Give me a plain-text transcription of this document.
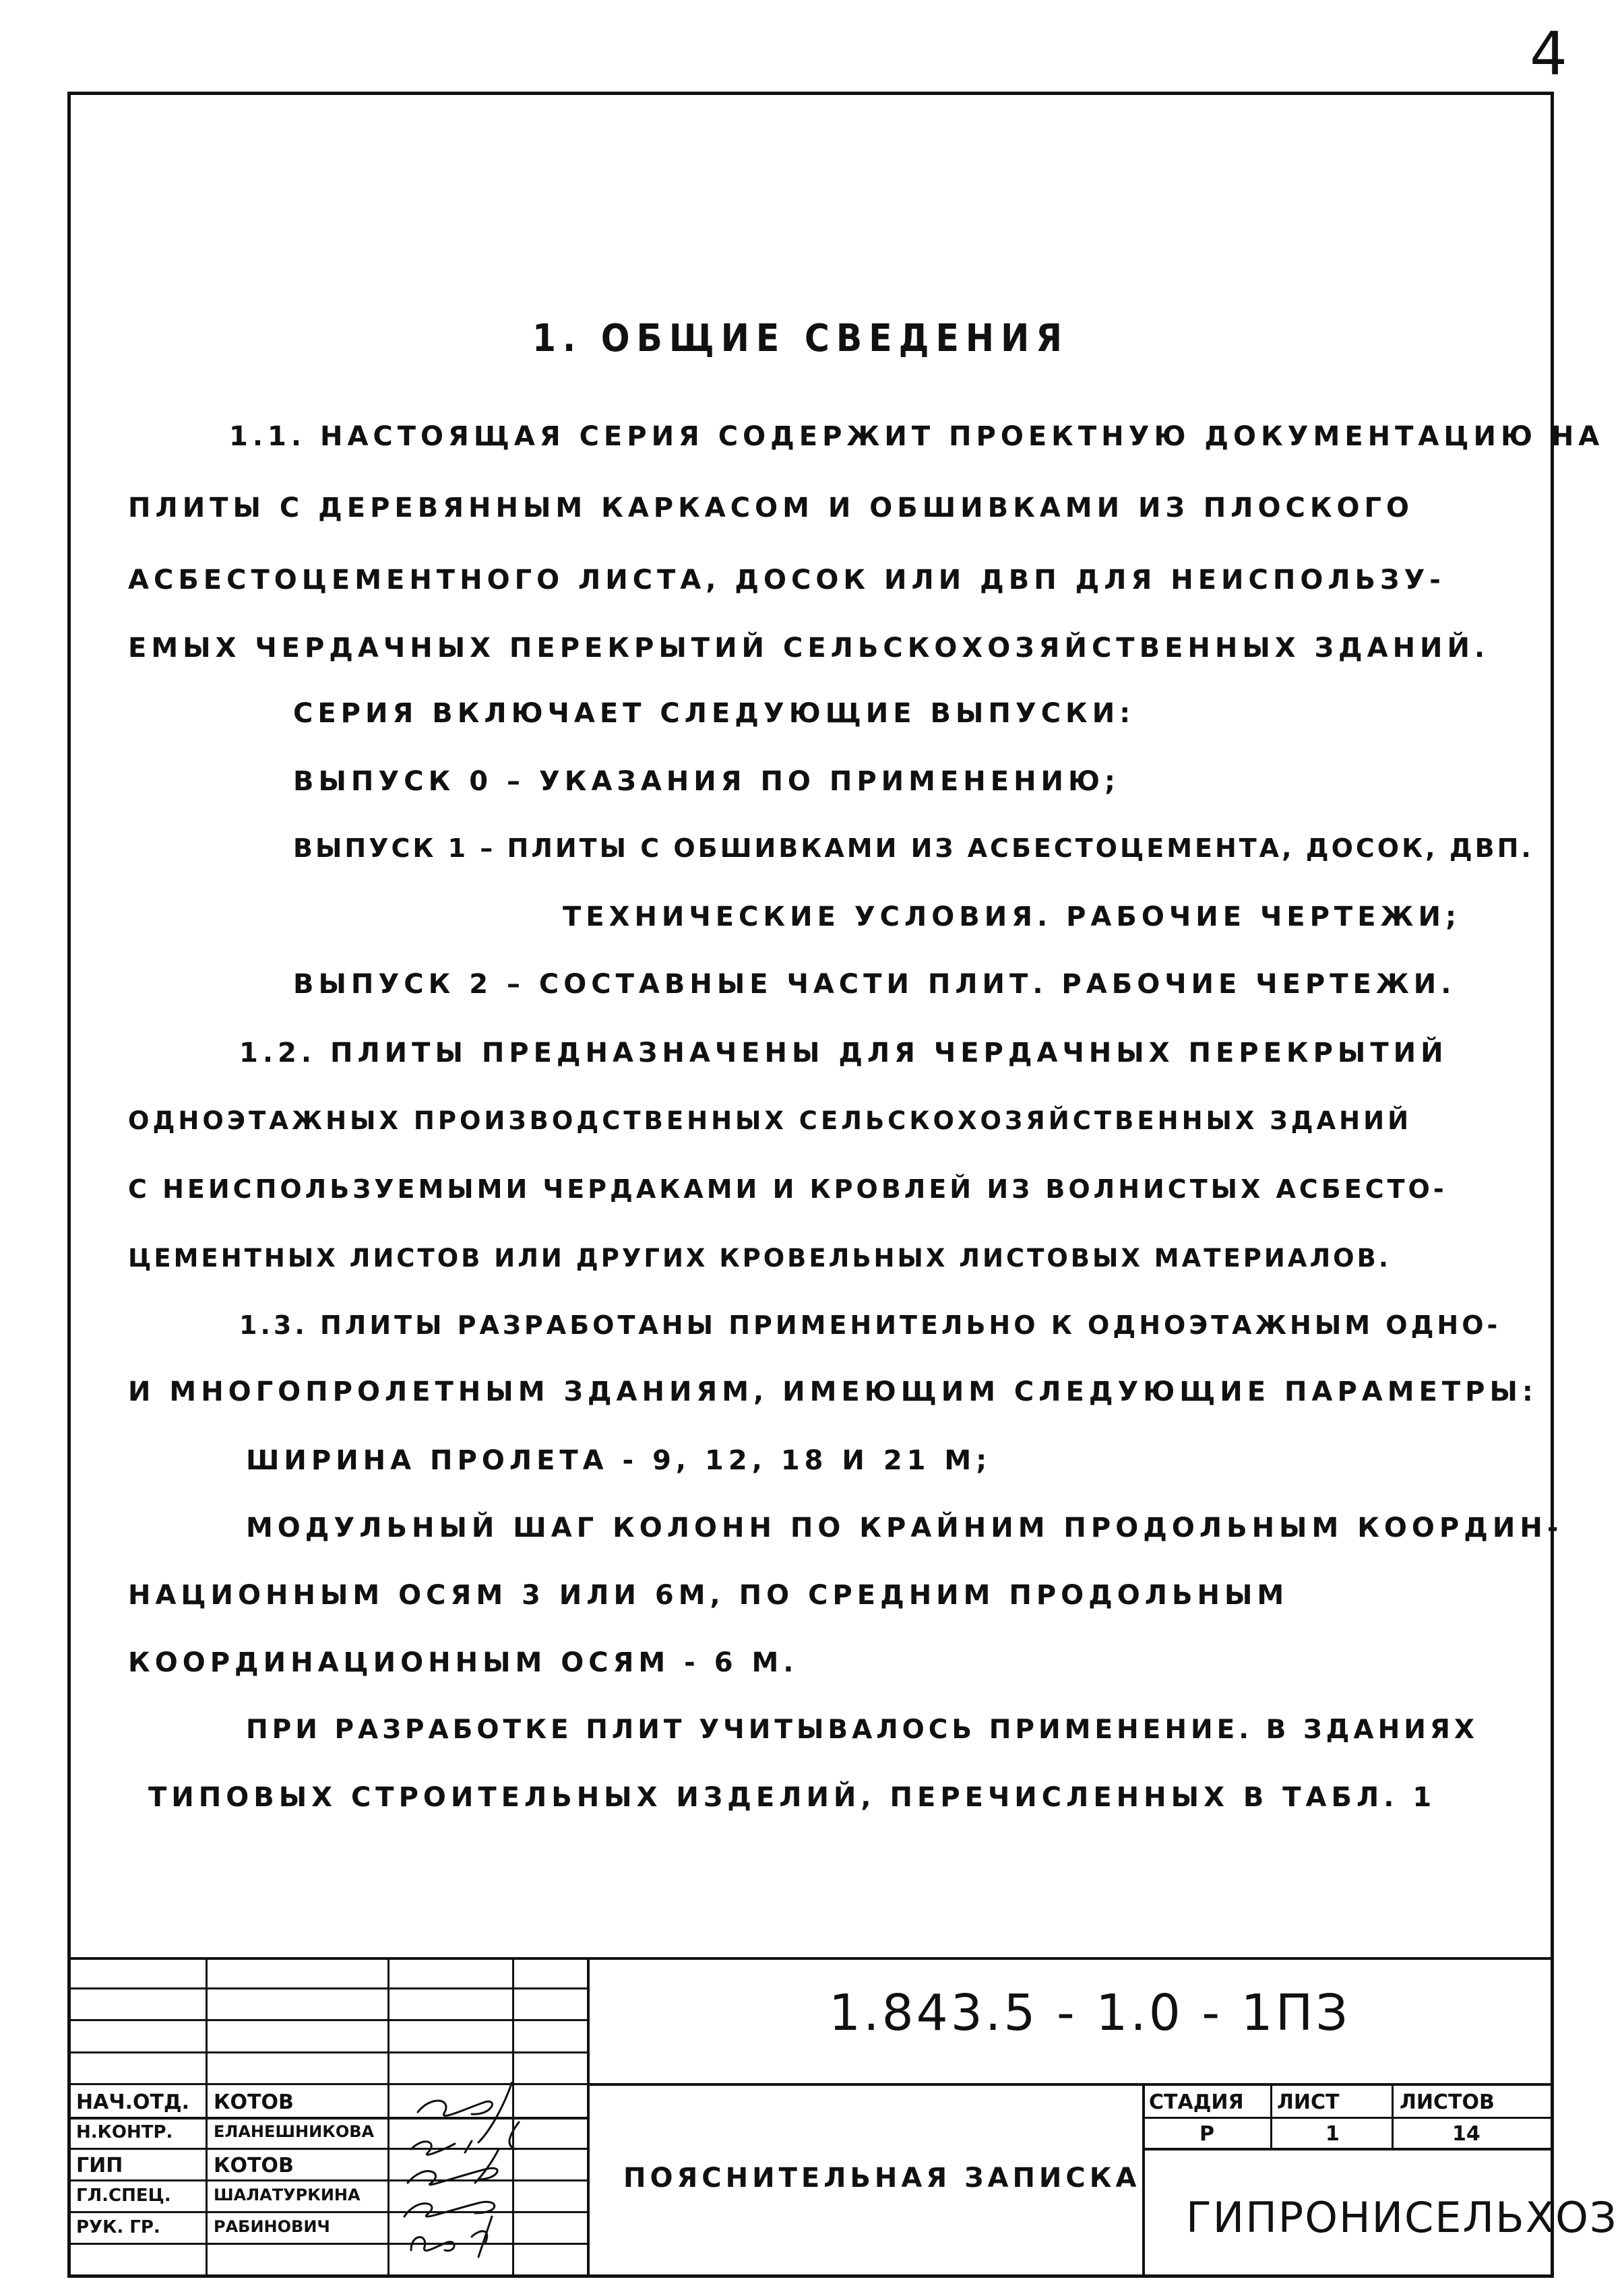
4
1. ОБЩИЕ СВЕДЕНИЯ
1.1. НАСТОЯЩАЯ СЕРИЯ СОДЕРЖИТ ПРОЕКТНУЮ ДОКУМЕНТАЦИЮ НА
ПЛИТЫ С ДЕРЕВЯННЫМ КАРКАСОМ И ОБШИВКАМИ ИЗ ПЛОСКОГО
АСБЕСТОЦЕМЕНТНОГО ЛИСТА, ДОСОК ИЛИ ДВП ДЛЯ НЕИСПОЛЬЗУ-
ЕМЫХ ЧЕРДАЧНЫХ ПЕРЕКРЫТИЙ СЕЛЬСКОХОЗЯЙСТВЕННЫХ ЗДАНИЙ.
СЕРИЯ ВКЛЮЧАЕТ СЛЕДУЮЩИЕ ВЫПУСКИ:
ВЫПУСК 0 – УКАЗАНИЯ ПО ПРИМЕНЕНИЮ;
ВЫПУСК 1 – ПЛИТЫ С ОБШИВКАМИ ИЗ АСБЕСТОЦЕМЕНТА, ДОСОК, ДВП.
ТЕХНИЧЕСКИЕ УСЛОВИЯ. РАБОЧИЕ ЧЕРТЕЖИ;
ВЫПУСК 2 – СОСТАВНЫЕ ЧАСТИ ПЛИТ. РАБОЧИЕ ЧЕРТЕЖИ.
1.2. ПЛИТЫ ПРЕДНАЗНАЧЕНЫ ДЛЯ ЧЕРДАЧНЫХ ПЕРЕКРЫТИЙ
ОДНОЭТАЖНЫХ ПРОИЗВОДСТВЕННЫХ СЕЛЬСКОХОЗЯЙСТВЕННЫХ ЗДАНИЙ
С НЕИСПОЛЬЗУЕМЫМИ ЧЕРДАКАМИ И КРОВЛЕЙ ИЗ ВОЛНИСТЫХ АСБЕСТО-
ЦЕМЕНТНЫХ ЛИСТОВ ИЛИ ДРУГИХ КРОВЕЛЬНЫХ ЛИСТОВЫХ МАТЕРИАЛОВ.
1.3. ПЛИТЫ РАЗРАБОТАНЫ ПРИМЕНИТЕЛЬНО К ОДНОЭТАЖНЫМ ОДНО-
И МНОГОПРОЛЕТНЫМ ЗДАНИЯМ, ИМЕЮЩИМ СЛЕДУЮЩИЕ ПАРАМЕТРЫ:
ШИРИНА ПРОЛЕТА - 9, 12, 18 И 21 М;
МОДУЛЬНЫЙ ШАГ КОЛОНН ПО КРАЙНИМ ПРОДОЛЬНЫМ КООРДИН-
НАЦИОННЫМ ОСЯМ 3 ИЛИ 6М, ПО СРЕДНИМ ПРОДОЛЬНЫМ
КООРДИНАЦИОННЫМ ОСЯМ - 6 М.
ПРИ РАЗРАБОТКЕ ПЛИТ УЧИТЫВАЛОСЬ ПРИМЕНЕНИЕ. В ЗДАНИЯХ
ТИПОВЫХ СТРОИТЕЛЬНЫХ ИЗДЕЛИЙ, ПЕРЕЧИСЛЕННЫХ В ТАБЛ. 1
НАЧ.ОТД. КОТОВ
Н.КОНТР.	ЕЛАНЕШНИКОВА
ГИП	КОТОВ
ГЛ.СПЕЦ.	ШАЛАТУРКИНА
РУК. ГР.	РАБИНОВИЧ
СТАДИЯ ЛИСТ	ЛИСТОВ
Р	1	14
1.843.5 - 1.0 - 1ПЗ
ПОЯСНИТЕЛЬНАЯ ЗАПИСКА
ГИПРОНИСЕЛЬХОЗ
